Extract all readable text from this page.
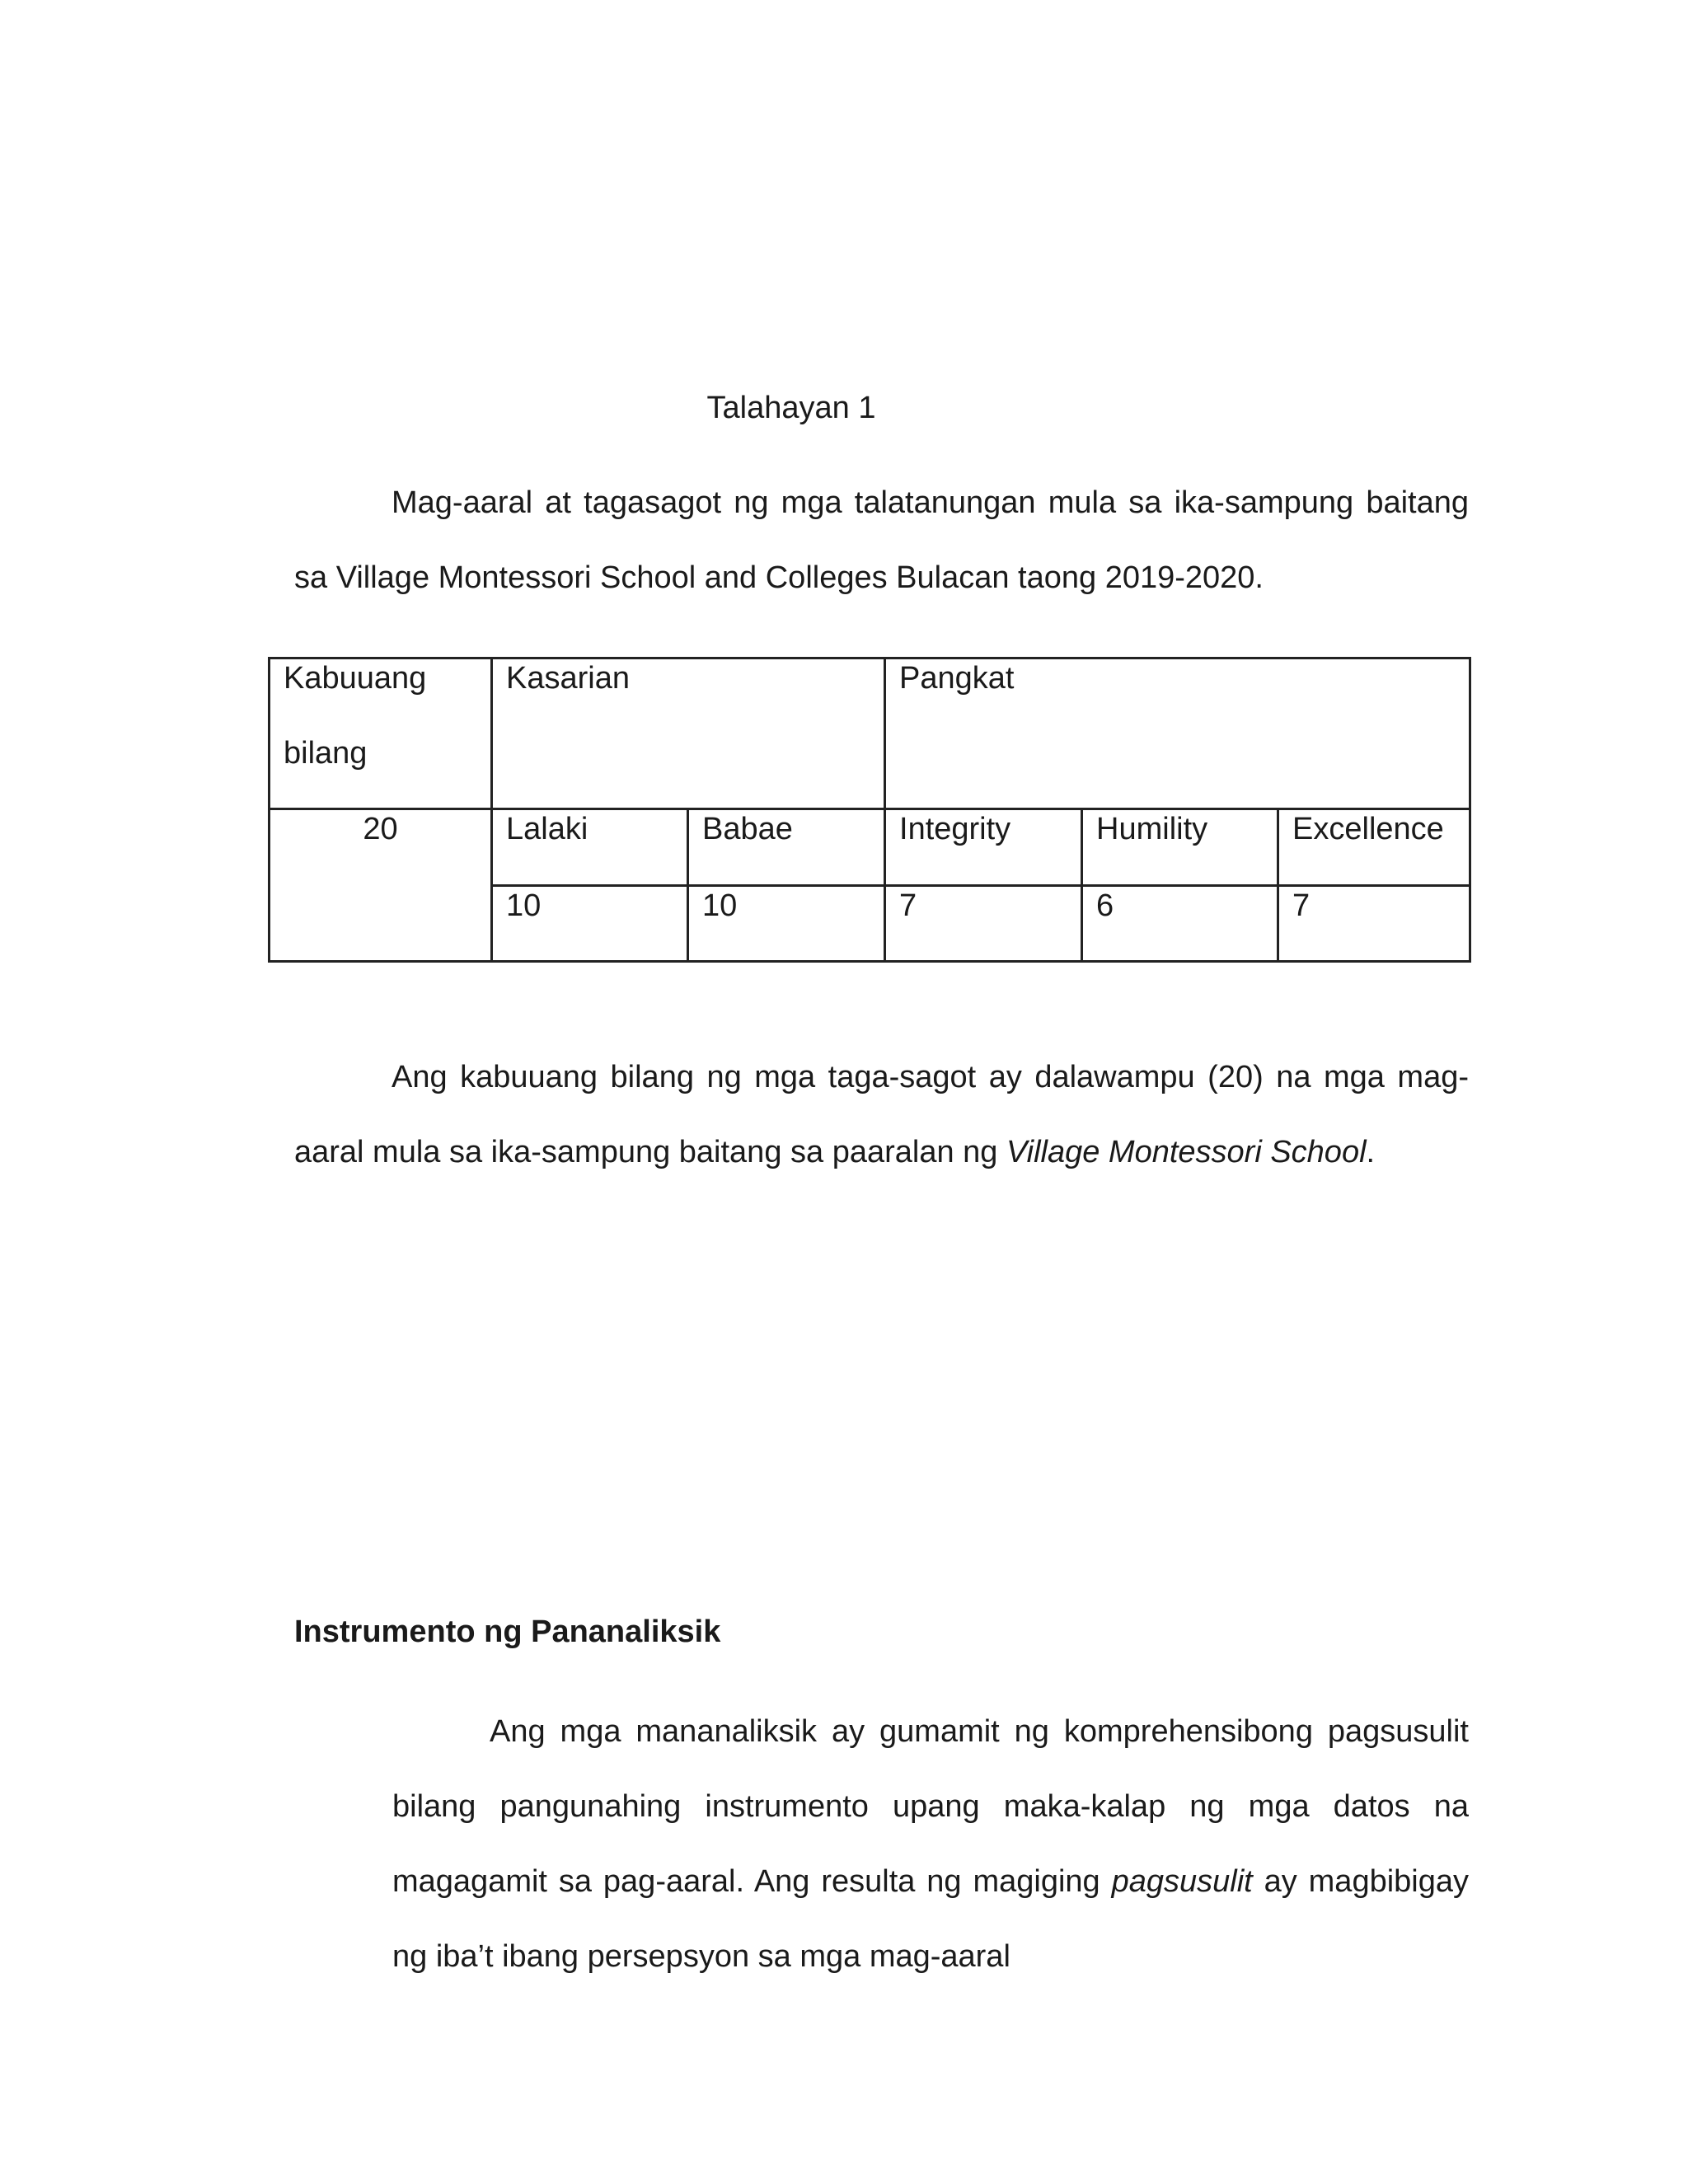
Talahayan 1
Mag-aaral at tagasagot ng mga talatanungan mula sa ika-sampung baitang sa Village Montessori School and Colleges Bulacan taong 2019-2020.
Kabuuang bilang	Kasarian		Pangkat		

20	Lalaki	Babae	Integrity	Humility	Excellence

	10	10	7	6	7
Ang kabuuang bilang ng mga taga-sagot ay dalawampu (20) na mga mag-aaral mula sa ika-sampung baitang sa paaralan ng Village Montessori School.
Instrumento ng Pananaliksik
Ang mga mananaliksik ay gumamit ng komprehensibong pagsusulit bilang pangunahing instrumento upang maka-kalap ng mga datos na magagamit sa pag-aaral. Ang resulta ng magiging pagsusulit ay magbibigay ng iba’t ibang persepsyon sa mga mag-aaral
